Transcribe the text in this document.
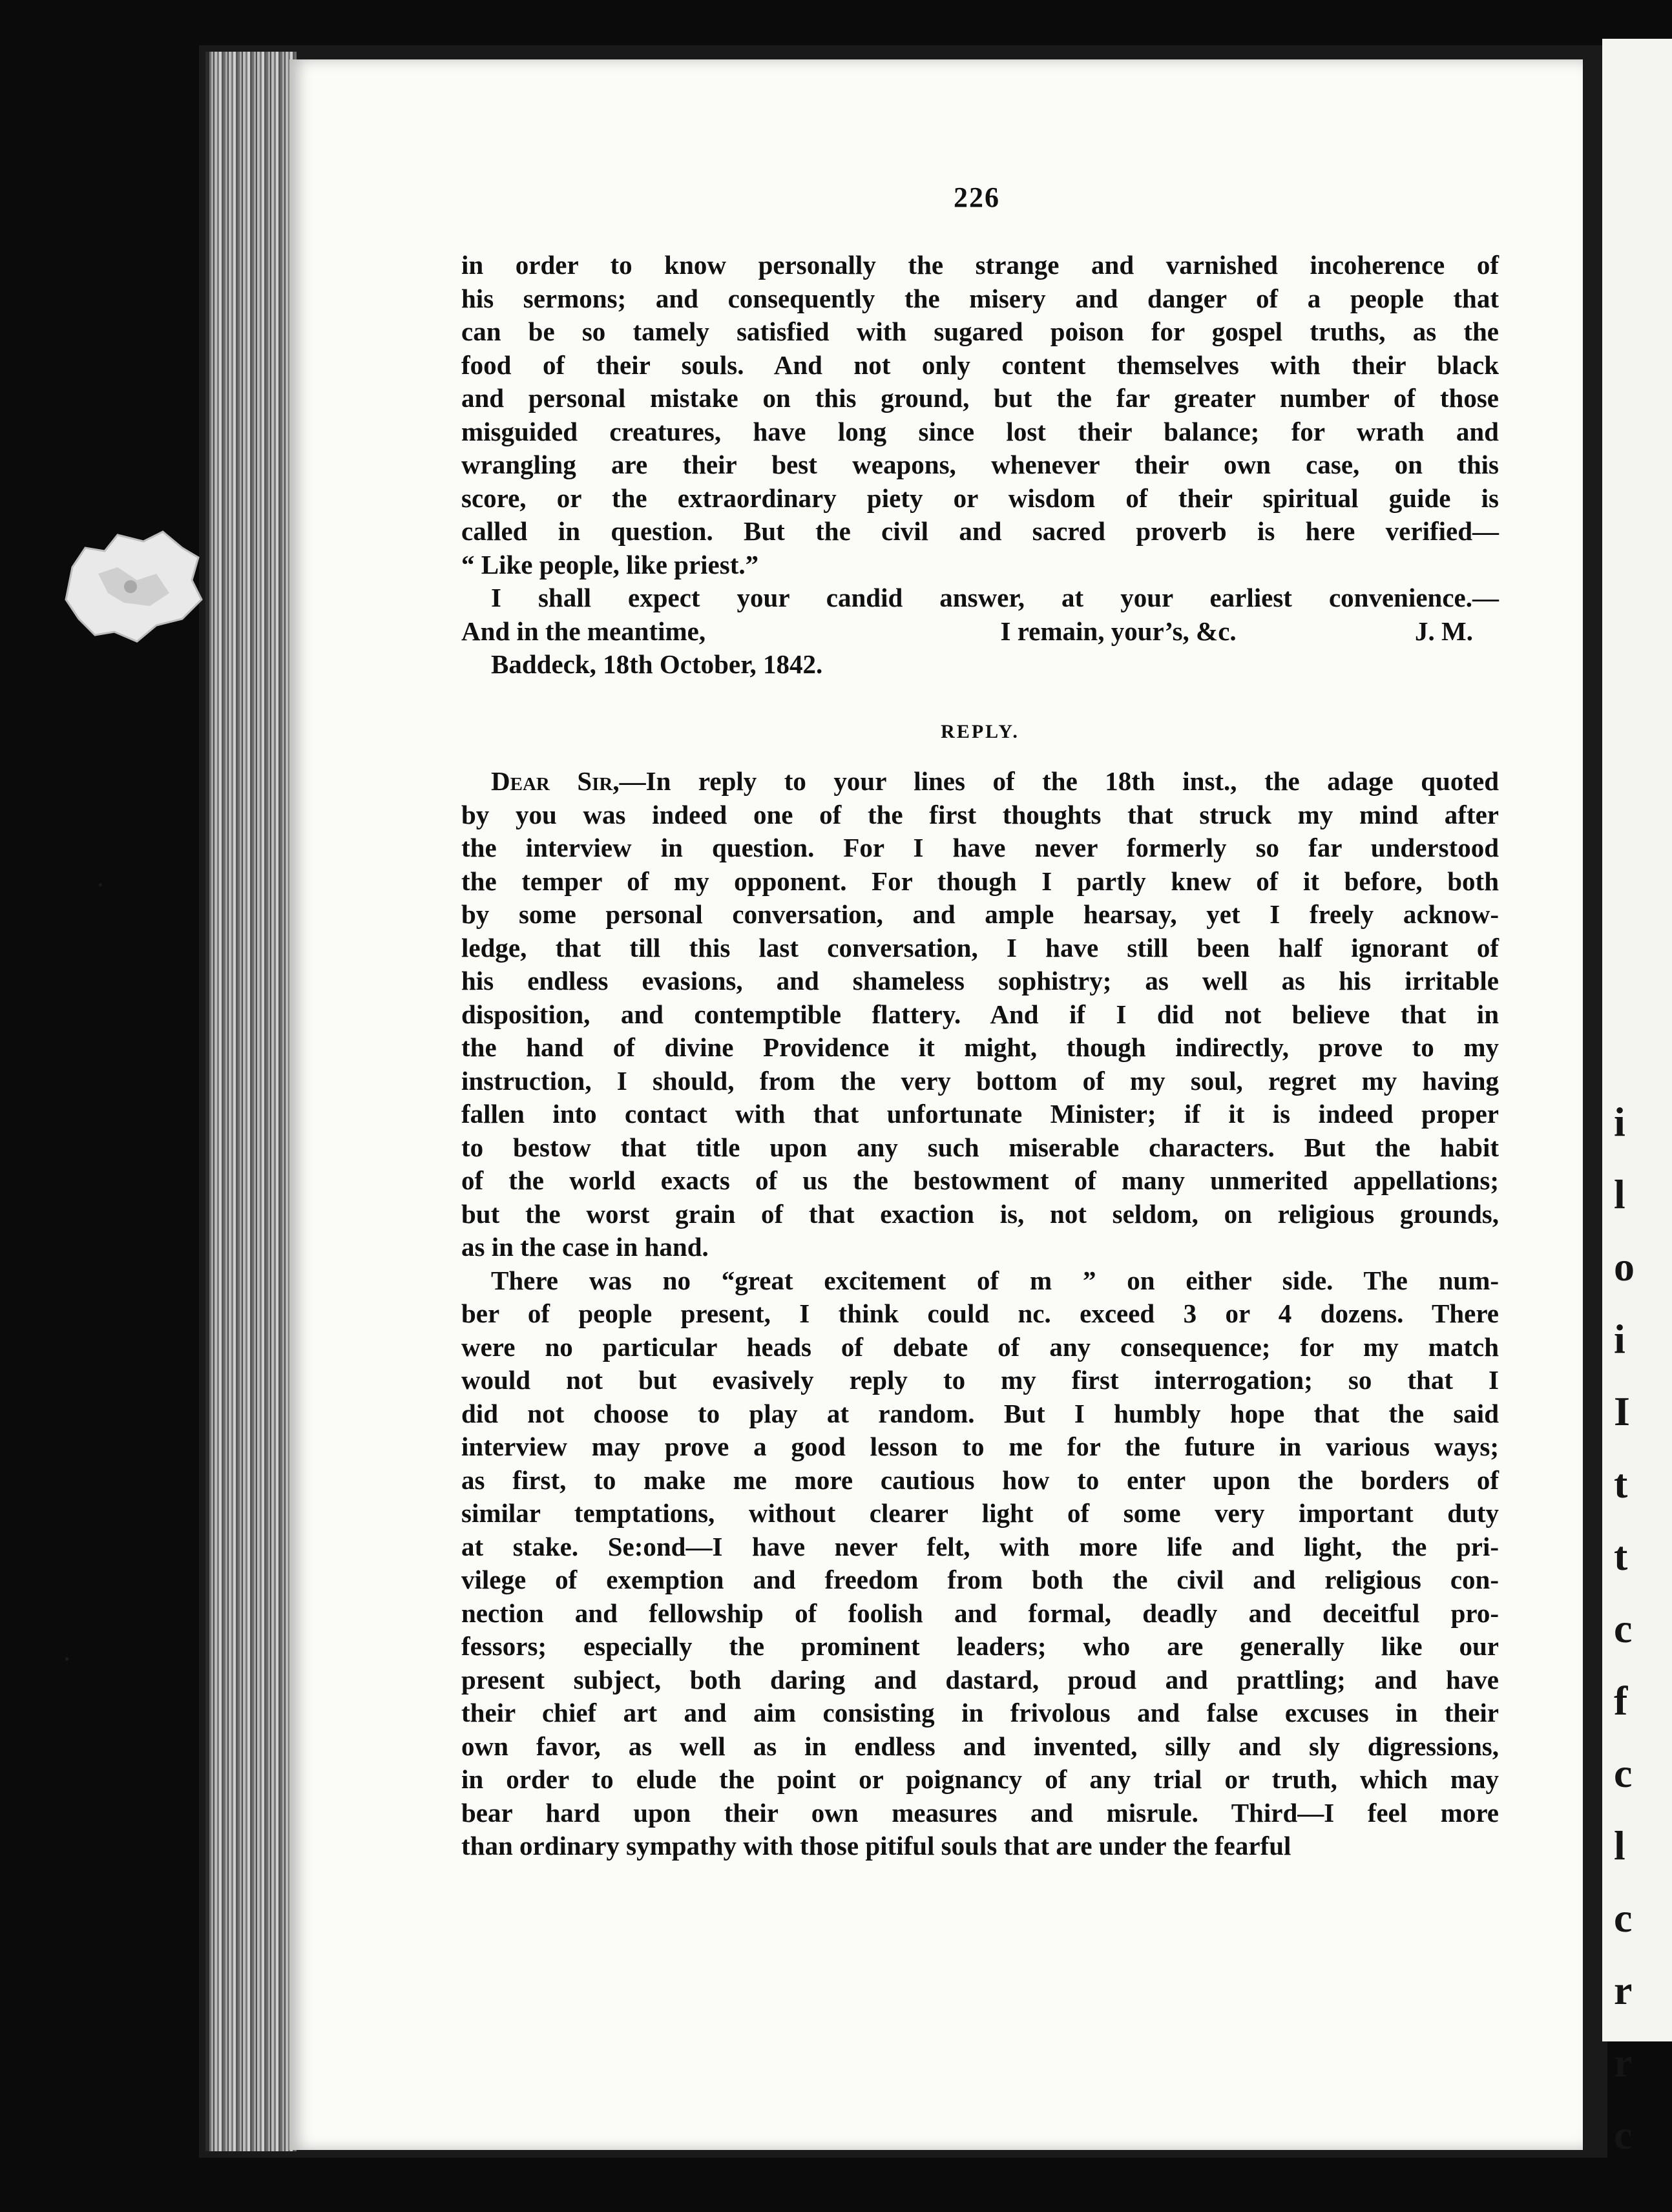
i
l
o
i
I
t
t
c
f
c
l
c
r
r
c
226
in order to know personally the strange and varnished incoherence of
his sermons; and consequently the misery and danger of a people that
can be so tamely satisfied with sugared poison for gospel truths, as the
food of their souls. And not only content themselves with their black
and personal mistake on this ground, but the far greater number of those
misguided creatures, have long since lost their balance; for wrath and
wrangling are their best weapons, whenever their own case, on this
score, or the extraordinary piety or wisdom of their spiritual guide is
called in question. But the civil and sacred proverb is here verified—
“ Like people, like priest.”
I shall expect your candid answer, at your earliest convenience.—
And in the meantime,	I remain, your’s, &c.	J. M.
Baddeck, 18th October, 1842.
REPLY.
Dear Sir,—In reply to your lines of the 18th inst., the adage quoted
by you was indeed one of the first thoughts that struck my mind after
the interview in question. For I have never formerly so far understood
the temper of my opponent. For though I partly knew of it before, both
by some personal conversation, and ample hearsay, yet I freely acknow-
ledge, that till this last conversation, I have still been half ignorant of
his endless evasions, and shameless sophistry; as well as his irritable
disposition, and contemptible flattery. And if I did not believe that in
the hand of divine Providence it might, though indirectly, prove to my
instruction, I should, from the very bottom of my soul, regret my having
fallen into contact with that unfortunate Minister; if it is indeed proper
to bestow that title upon any such miserable characters. But the habit
of the world exacts of us the bestowment of many unmerited appellations;
but the worst grain of that exaction is, not seldom, on religious grounds,
as in the case in hand.
There was no “great excitement of m ” on either side. The num-
ber of people present, I think could nc. exceed 3 or 4 dozens. There
were no particular heads of debate of any consequence; for my match
would not but evasively reply to my first interrogation; so that I
did not choose to play at random. But I humbly hope that the said
interview may prove a good lesson to me for the future in various ways;
as first, to make me more cautious how to enter upon the borders of
similar temptations, without clearer light of some very important duty
at stake. Se:ond—I have never felt, with more life and light, the pri-
vilege of exemption and freedom from both the civil and religious con-
nection and fellowship of foolish and formal, deadly and deceitful pro-
fessors; especially the prominent leaders; who are generally like our
present subject, both daring and dastard, proud and prattling; and have
their chief art and aim consisting in frivolous and false excuses in their
own favor, as well as in endless and invented, silly and sly digressions,
in order to elude the point or poignancy of any trial or truth, which may
bear hard upon their own measures and misrule. Third—I feel more
than ordinary sympathy with those pitiful souls that are under the fearful
